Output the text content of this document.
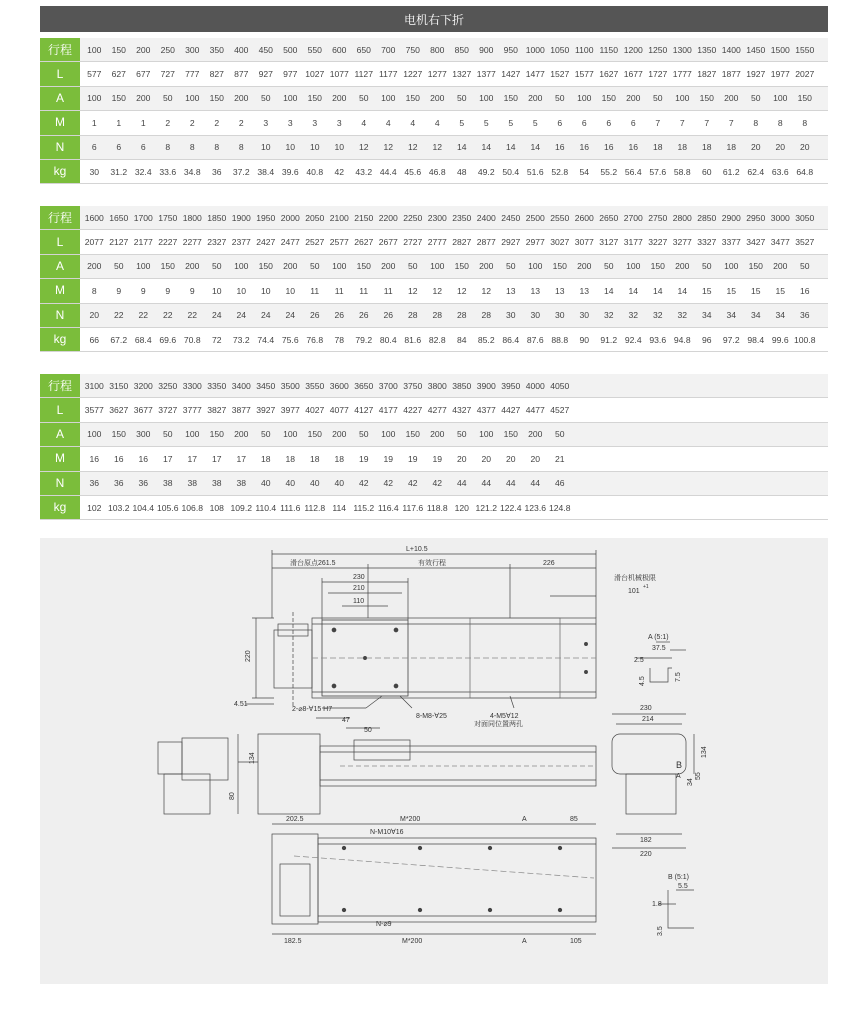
电机右下折
行程	100	150	200	250	300	350	400	450	500	550	600	650	700	750	800	850	900	950 1000 1050 1100 1150 1200 1250 1300 1350 1400 1450 1500 1550
L	577	627	677	727	777	827	877	927	977 1027 1077 1127 1177 1227 1277 1327 1377 1427 1477 1527 1577 1627 1677 1727 1777 1827 1877 1927 1977 2027
A	100	150	200	50	100	150	200	50	100	150	200	50	100	150	200	50	100	150	200	50	100	150	200	50	100	150	200	50	100	150
M	1	1	1	2	2	2	2	3	3	3	3	4	4	4	4	5	5	5	5	6	6	6	6	7	7	7	7	8	8	8
N	6	6	6	8	8	8	8	10	10	10	10	12	12	12	12	14	14	14	14	16	16	16	16	18	18	18	18	20	20	20
kg	30	31.2 32.4 33.6 34.8	36	37.2 38.4 39.6 40.8	42	43.2 44.4 45.6 46.8	48	49.2 50.4 51.6 52.8	54	55.2 56.4 57.6 58.8	60	61.2 62.4 63.6 64.8
行程	1600 1650 1700 1750 1800 1850 1900 1950 2000 2050 2100 2150 2200 2250 2300 2350 2400 2450 2500 2550 2600 2650 2700 2750 2800 2850 2900 2950 3000 3050
L	2077 2127 2177 2227 2277 2327 2377 2427 2477 2527 2577 2627 2677 2727 2777 2827 2877 2927 2977 3027 3077 3127 3177 3227 3277 3327 3377 3427 3477 3527
A	200	50	100	150	200	50	100	150	200	50	100	150	200	50	100	150	200	50	100	150	200	50	100	150	200	50	100	150	200	50
M	8	9	9	9	9	10	10	10	10	11	11	11	11	12	12	12	12	13	13	13	13	14	14	14	14	15	15	15	15	16
N	20	22	22	22	22	24	24	24	24	26	26	26	26	28	28	28	28	30	30	30	30	32	32	32	32	34	34	34	34	36
kg	66	67.2 68.4 69.6 70.8	72	73.2 74.4 75.6 76.8	78	79.2 80.4 81.6 82.8	84	85.2 86.4 87.6 88.8	90	91.2 92.4 93.6 94.8	96	97.2 98.4 99.6 100.8
行程	3100 3150 3200 3250 3300 3350 3400 3450 3500 3550 3600 3650 3700 3750 3800 3850 3900 3950 4000 4050
L	3577 3627 3677 3727 3777 3827 3877 3927 3977 4027 4077 4127 4177 4227 4277 4327 4377 4427 4477 4527
A	100	150	300	50	100	150	200	50	100	150	200	50	100	150	200	50	100	150	200	50
M	16	16	16	17	17	17	17	18	18	18	18	19	19	19	19	20	20	20	20	21
N	36	36	36	38	38	38	38	40	40	40	40	42	42	42	42	44	44	44	44	46
kg	102 103.2 104.4 105.6 106.8 108 109.2 110.4 111.6 112.8 114 115.2 116.4 117.6 118.8 120 121.2 122.4 123.6 124.8
L+10.5
滑台原点261.5	有效行程
230
210
110
226
滑台机械极限
101
+1
220
4.51
2-⌀8-∀15 H7
8-M8-∀25	4-M5∀12
对面同位置两孔
A (5:1)
37.5
2.5
4.5	7.5
47
50
134
80
230
214
134
55
34
182
220
B
A
202.5	M*200	A	85
N-M10∀16
N-⌀9
182.5	M*200	A	105
B (5:1)
5.5
1.8
3.5
